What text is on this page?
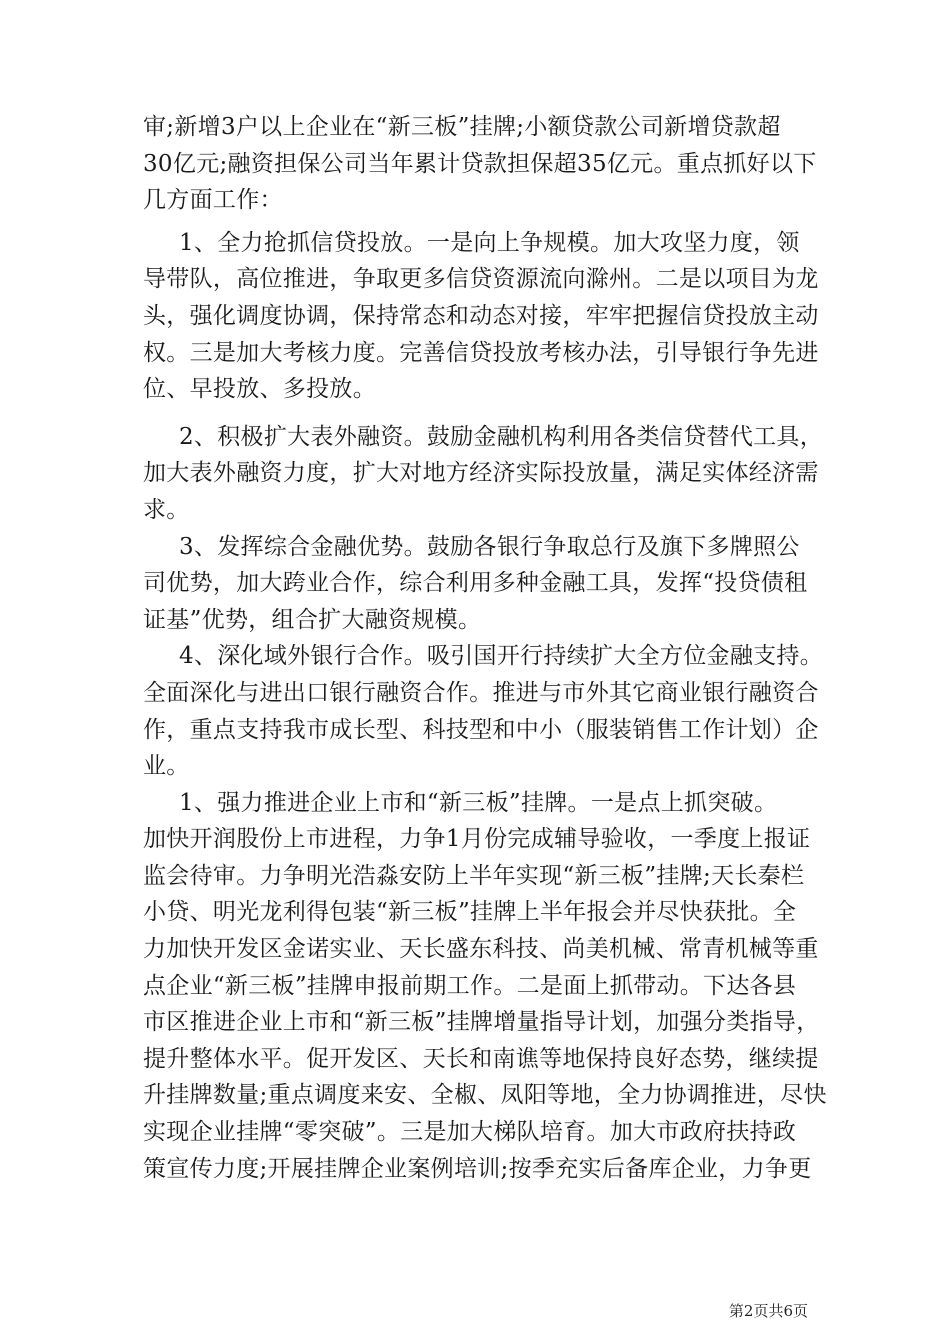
审;新增3户以上企业在“新三板”挂牌;小额贷款公司新增贷款超
30亿元;融资担保公司当年累计贷款担保超35亿元。重点抓好以下
几方面工作：
1、全力抢抓信贷投放。一是向上争规模。加大攻坚力度，领
导带队，高位推进，争取更多信贷资源流向滁州。二是以项目为龙
头，强化调度协调，保持常态和动态对接，牢牢把握信贷投放主动
权。三是加大考核力度。完善信贷投放考核办法，引导银行争先进
位、早投放、多投放。
2、积极扩大表外融资。鼓励金融机构利用各类信贷替代工具，
加大表外融资力度，扩大对地方经济实际投放量，满足实体经济需
求。
3、发挥综合金融优势。鼓励各银行争取总行及旗下多牌照公
司优势，加大跨业合作，综合利用多种金融工具，发挥“投贷债租
证基”优势，组合扩大融资规模。
4、深化域外银行合作。吸引国开行持续扩大全方位金融支持。
全面深化与进出口银行融资合作。推进与市外其它商业银行融资合
作，重点支持我市成长型、科技型和中小（服装销售工作计划）企
业。
1、强力推进企业上市和“新三板”挂牌。一是点上抓突破。
加快开润股份上市进程，力争1月份完成辅导验收，一季度上报证
监会待审。力争明光浩淼安防上半年实现“新三板”挂牌;天长秦栏
小贷、明光龙利得包装“新三板”挂牌上半年报会并尽快获批。全
力加快开发区金诺实业、天长盛东科技、尚美机械、常青机械等重
点企业“新三板”挂牌申报前期工作。二是面上抓带动。下达各县
市区推进企业上市和“新三板”挂牌增量指导计划，加强分类指导，
提升整体水平。促开发区、天长和南谯等地保持良好态势，继续提
升挂牌数量;重点调度来安、全椒、凤阳等地，全力协调推进，尽快
实现企业挂牌“零突破”。三是加大梯队培育。加大市政府扶持政
策宣传力度;开展挂牌企业案例培训;按季充实后备库企业，力争更
第2页共6页
